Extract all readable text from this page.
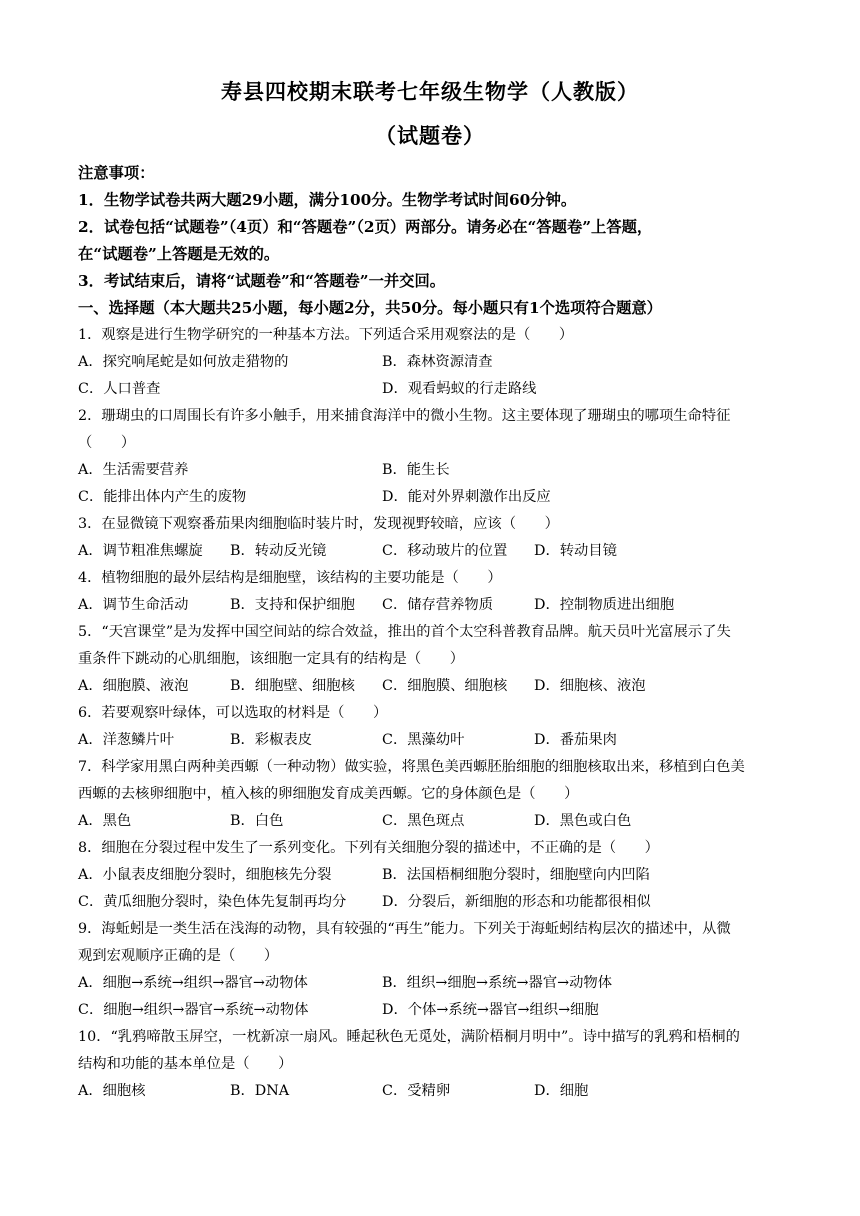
寿县四校期末联考七年级生物学（人教版）
（试题卷）
注意事项：
1．生物学试卷共两大题29小题，满分100分。生物学考试时间60分钟。
2．试卷包括“试题卷”（4页）和“答题卷”（2页）两部分。请务必在“答题卷”上答题，
在“试题卷”上答题是无效的。
3．考试结束后，请将“试题卷”和“答题卷”一并交回。
一、选择题（本大题共25小题，每小题2分，共50分。每小题只有1个选项符合题意）
1．观察是进行生物学研究的一种基本方法。下列适合采用观察法的是（　　）
A．探究响尾蛇是如何放走猎物的	B．森林资源清查
C．人口普查	D．观看蚂蚁的行走路线
2．珊瑚虫的口周围长有许多小触手，用来捕食海洋中的微小生物。这主要体现了珊瑚虫的哪项生命特征
（　　）
A．生活需要营养	B．能生长
C．能排出体内产生的废物	D．能对外界刺激作出反应
3．在显微镜下观察番茄果肉细胞临时装片时，发现视野较暗，应该（　　）
A．调节粗准焦螺旋 B．转动反光镜	C．移动玻片的位置 D．转动目镜
4．植物细胞的最外层结构是细胞壁，该结构的主要功能是（　　）
A．调节生命活动	B．支持和保护细胞 C．储存营养物质	D．控制物质进出细胞
5．“天宫课堂”是为发挥中国空间站的综合效益，推出的首个太空科普教育品牌。航天员叶光富展示了失
重条件下跳动的心肌细胞，该细胞一定具有的结构是（　　）
A．细胞膜、液泡	B．细胞壁、细胞核 C．细胞膜、细胞核 D．细胞核、液泡
6．若要观察叶绿体，可以选取的材料是（　　）
A．洋葱鳞片叶	B．彩椒表皮	C．黑藻幼叶	D．番茄果肉
7．科学家用黑白两种美西螈（一种动物）做实验，将黑色美西螈胚胎细胞的细胞核取出来，移植到白色美
西螈的去核卵细胞中，植入核的卵细胞发育成美西螈。它的身体颜色是（　　）
A．黑色	B．白色	C．黑色斑点	D．黑色或白色
8．细胞在分裂过程中发生了一系列变化。下列有关细胞分裂的描述中，不正确的是（　　）
A．小鼠表皮细胞分裂时，细胞核先分裂	B．法国梧桐细胞分裂时，细胞壁向内凹陷
C．黄瓜细胞分裂时，染色体先复制再均分 D．分裂后，新细胞的形态和功能都很相似
9．海蚯蚓是一类生活在浅海的动物，具有较强的“再生”能力。下列关于海蚯蚓结构层次的描述中，从微
观到宏观顺序正确的是（　　）
A．细胞→系统→组织→器官→动物体	B．组织→细胞→系统→器官→动物体
C．细胞→组织→器官→系统→动物体	D．个体→系统→器官→组织→细胞
10．“乳鸦啼散玉屏空，一枕新凉一扇风。睡起秋色无觅处，满阶梧桐月明中”。诗中描写的乳鸦和梧桐的
结构和功能的基本单位是（　　）
A．细胞核	B．DNA	C．受精卵	D．细胞
